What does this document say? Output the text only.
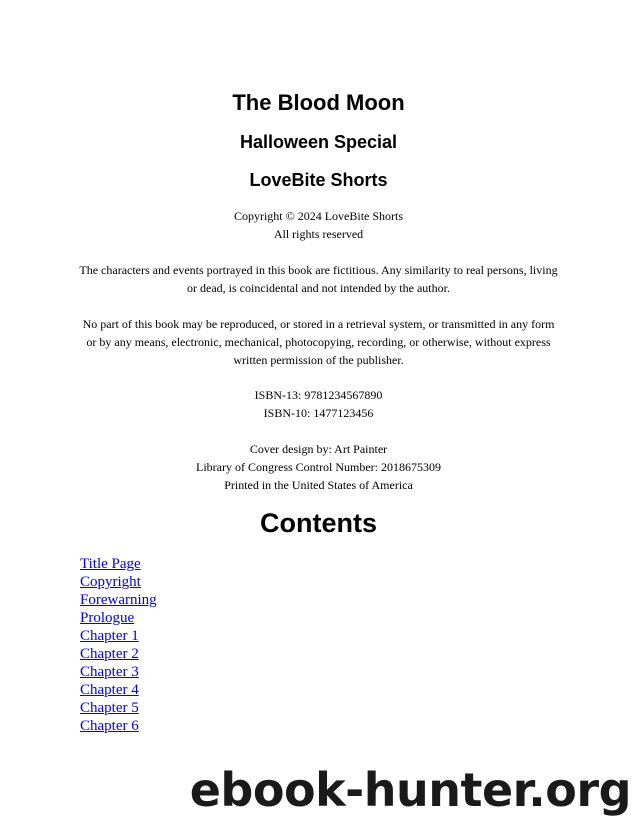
The Blood Moon
Halloween Special
LoveBite Shorts

Copyright © 2024 LoveBite Shorts

All rights reserved

The characters and events portrayed in this book are fictitious. Any similarity to real persons, living or dead, is coincidental and not intended by the author.

No part of this book may be reproduced, or stored in a retrieval system, or transmitted in any form or by any means, electronic, mechanical, photocopying, recording, or otherwise, without express written permission of the publisher.

ISBN-13: 9781234567890

ISBN-10: 1477123456

Cover design by: Art Painter

Library of Congress Control Number: 2018675309

Printed in the United States of America

Contents
Title Page
Copyright
Forewarning
Prologue
Chapter 1
Chapter 2
Chapter 3
Chapter 4
Chapter 5
Chapter 6
ebook-hunter.org
